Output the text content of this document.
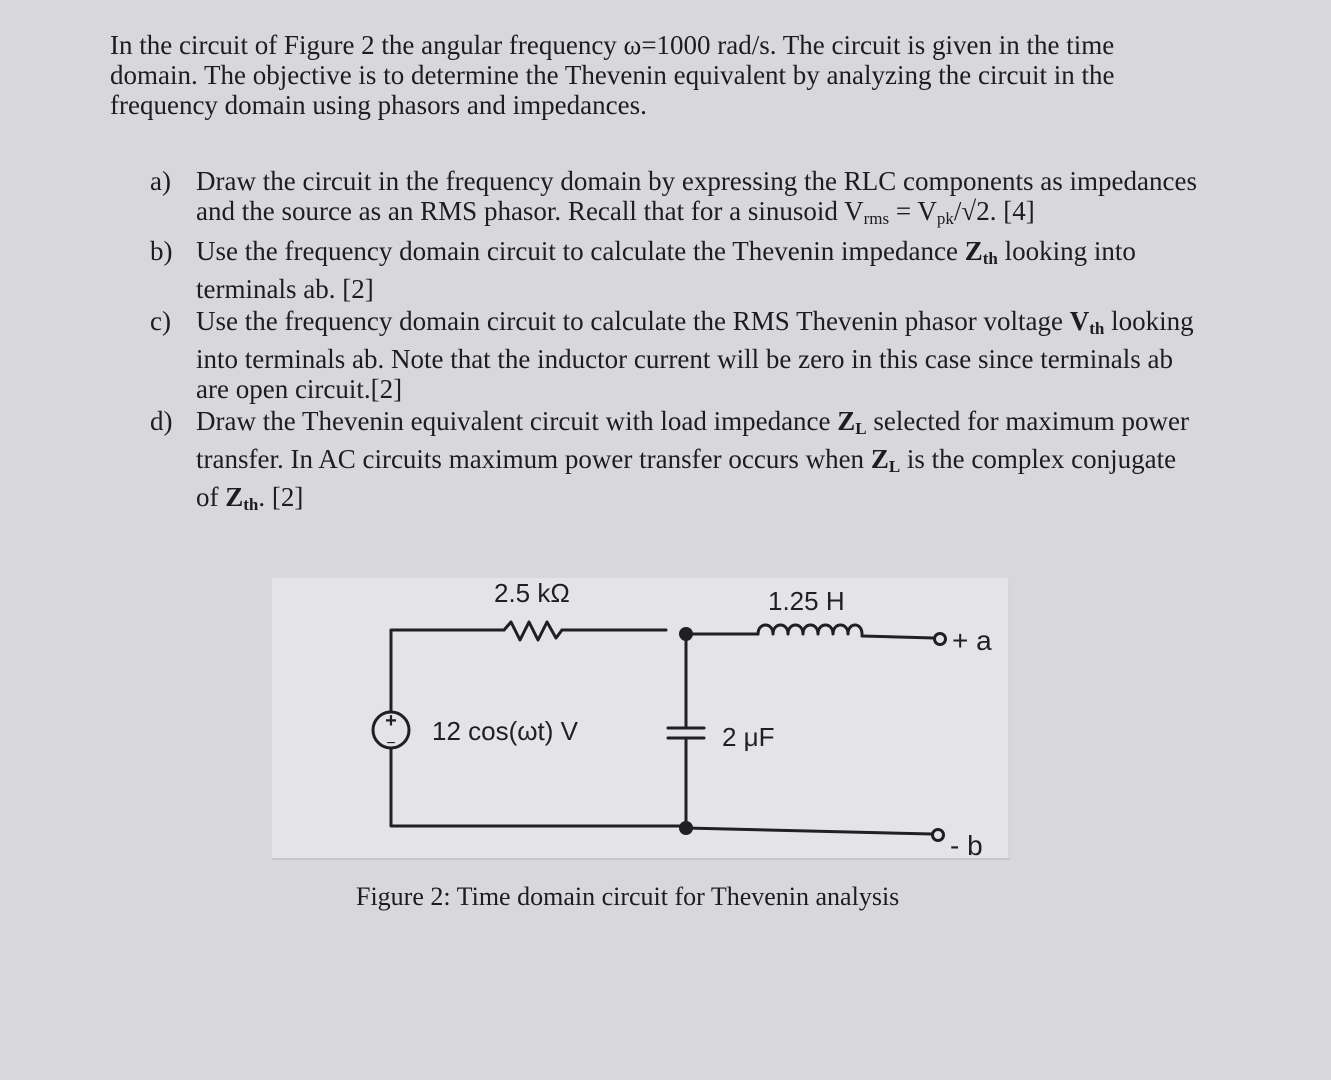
In the circuit of Figure 2 the angular frequency ω=1000 rad/s. The circuit is given in the time domain. The objective is to determine the Thevenin equivalent by analyzing the circuit in the frequency domain using phasors and impedances.

a) Draw the circuit in the frequency domain by expressing the RLC components as impedances and the source as an RMS phasor. Recall that for a sinusoid $V_{rms} = V_{pk}/√2$. [4]
b) Use the frequency domain circuit to calculate the Thevenin impedance $Z_{th}$ looking into terminals ab. [2]
c) Use the frequency domain circuit to calculate the RMS Thevenin phasor voltage $V_{th}$ looking into terminals ab. Note that the inductor current will be zero in this case since terminals ab are open circuit.[2]
d) Draw the Thevenin equivalent circuit with load impedance $Z_L$ selected for maximum power transfer. In AC circuits maximum power transfer occurs when $Z_L$ is the complex conjugate of $Z_{th}$. [2]
+
−
2.5 kΩ	1.25 H
12 cos(ωt) V	2 μF
+ a
- b
Figure 2: Time domain circuit for Thevenin analysis
